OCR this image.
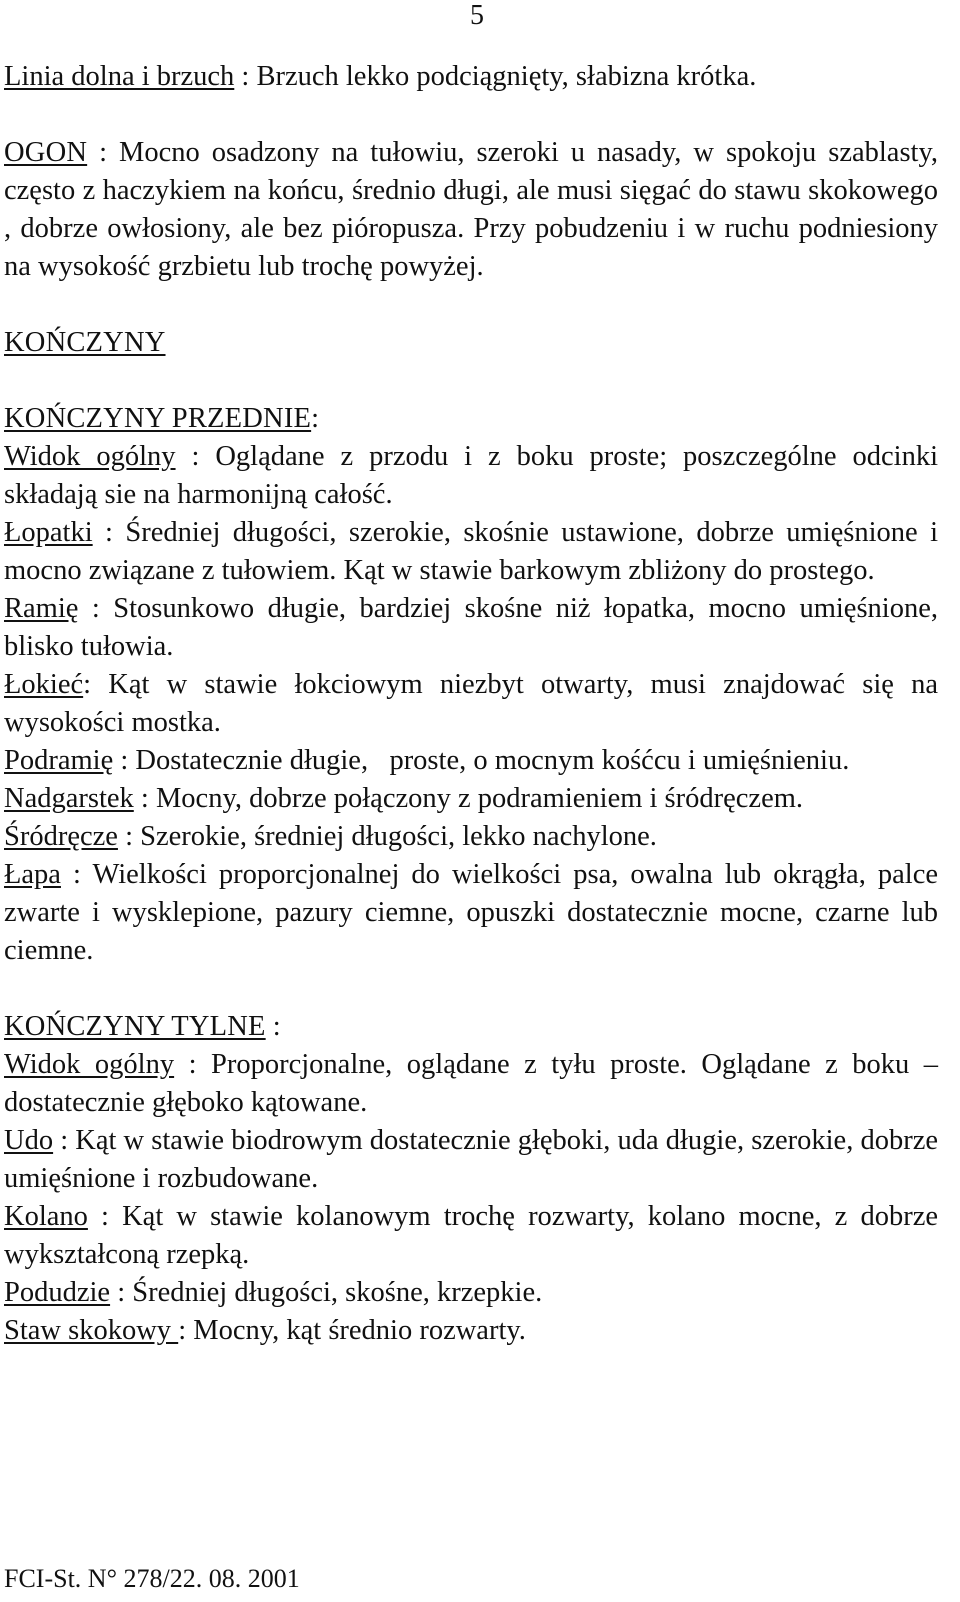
5

Linia dolna i brzuch : Brzuch lekko podciągnięty, słabizna krótka.

OGON : Mocno osadzony na tułowiu, szeroki u nasady, w spokoju szablasty, często z haczykiem na końcu, średnio długi, ale musi sięgać do stawu skokowego , dobrze owłosiony, ale bez pióropusza. Przy pobudzeniu i w ruchu podniesiony na wysokość grzbietu lub trochę powyżej.

KOŃCZYNY

KOŃCZYNY PRZEDNIE:

Widok ogólny : Oglądane z przodu i z boku proste; poszczególne odcinki składają sie na harmonijną całość.

Łopatki : Średniej długości, szerokie, skośnie ustawione, dobrze umięśnione i mocno związane z tułowiem. Kąt w stawie barkowym zbliżony do prostego.

Ramię : Stosunkowo długie, bardziej skośne niż łopatka, mocno umięśnione, blisko tułowia.

Łokieć: Kąt w stawie łokciowym niezbyt otwarty, musi znajdować się na wysokości mostka.

Podramię : Dostatecznie długie,   proste, o mocnym kośćcu i umięśnieniu.

Nadgarstek : Mocny, dobrze połączony z podramieniem i śródręczem.

Śródręcze : Szerokie, średniej długości, lekko nachylone.

Łapa : Wielkości proporcjonalnej do wielkości psa, owalna lub okrągła, palce zwarte i wysklepione, pazury ciemne, opuszki dostatecznie mocne, czarne lub ciemne.

KOŃCZYNY TYLNE :

Widok ogólny : Proporcjonalne, oglądane z tyłu proste. Oglądane z boku – dostatecznie głęboko kątowane.

Udo : Kąt w stawie biodrowym dostatecznie głęboki, uda długie, szerokie, dobrze umięśnione i rozbudowane.

Kolano : Kąt w stawie kolanowym trochę rozwarty, kolano mocne, z dobrze wykształconą rzepką.

Podudzie : Średniej długości, skośne, krzepkie.

Staw skokowy : Mocny, kąt średnio rozwarty.

FCI-St. N° 278/22. 08. 2001
